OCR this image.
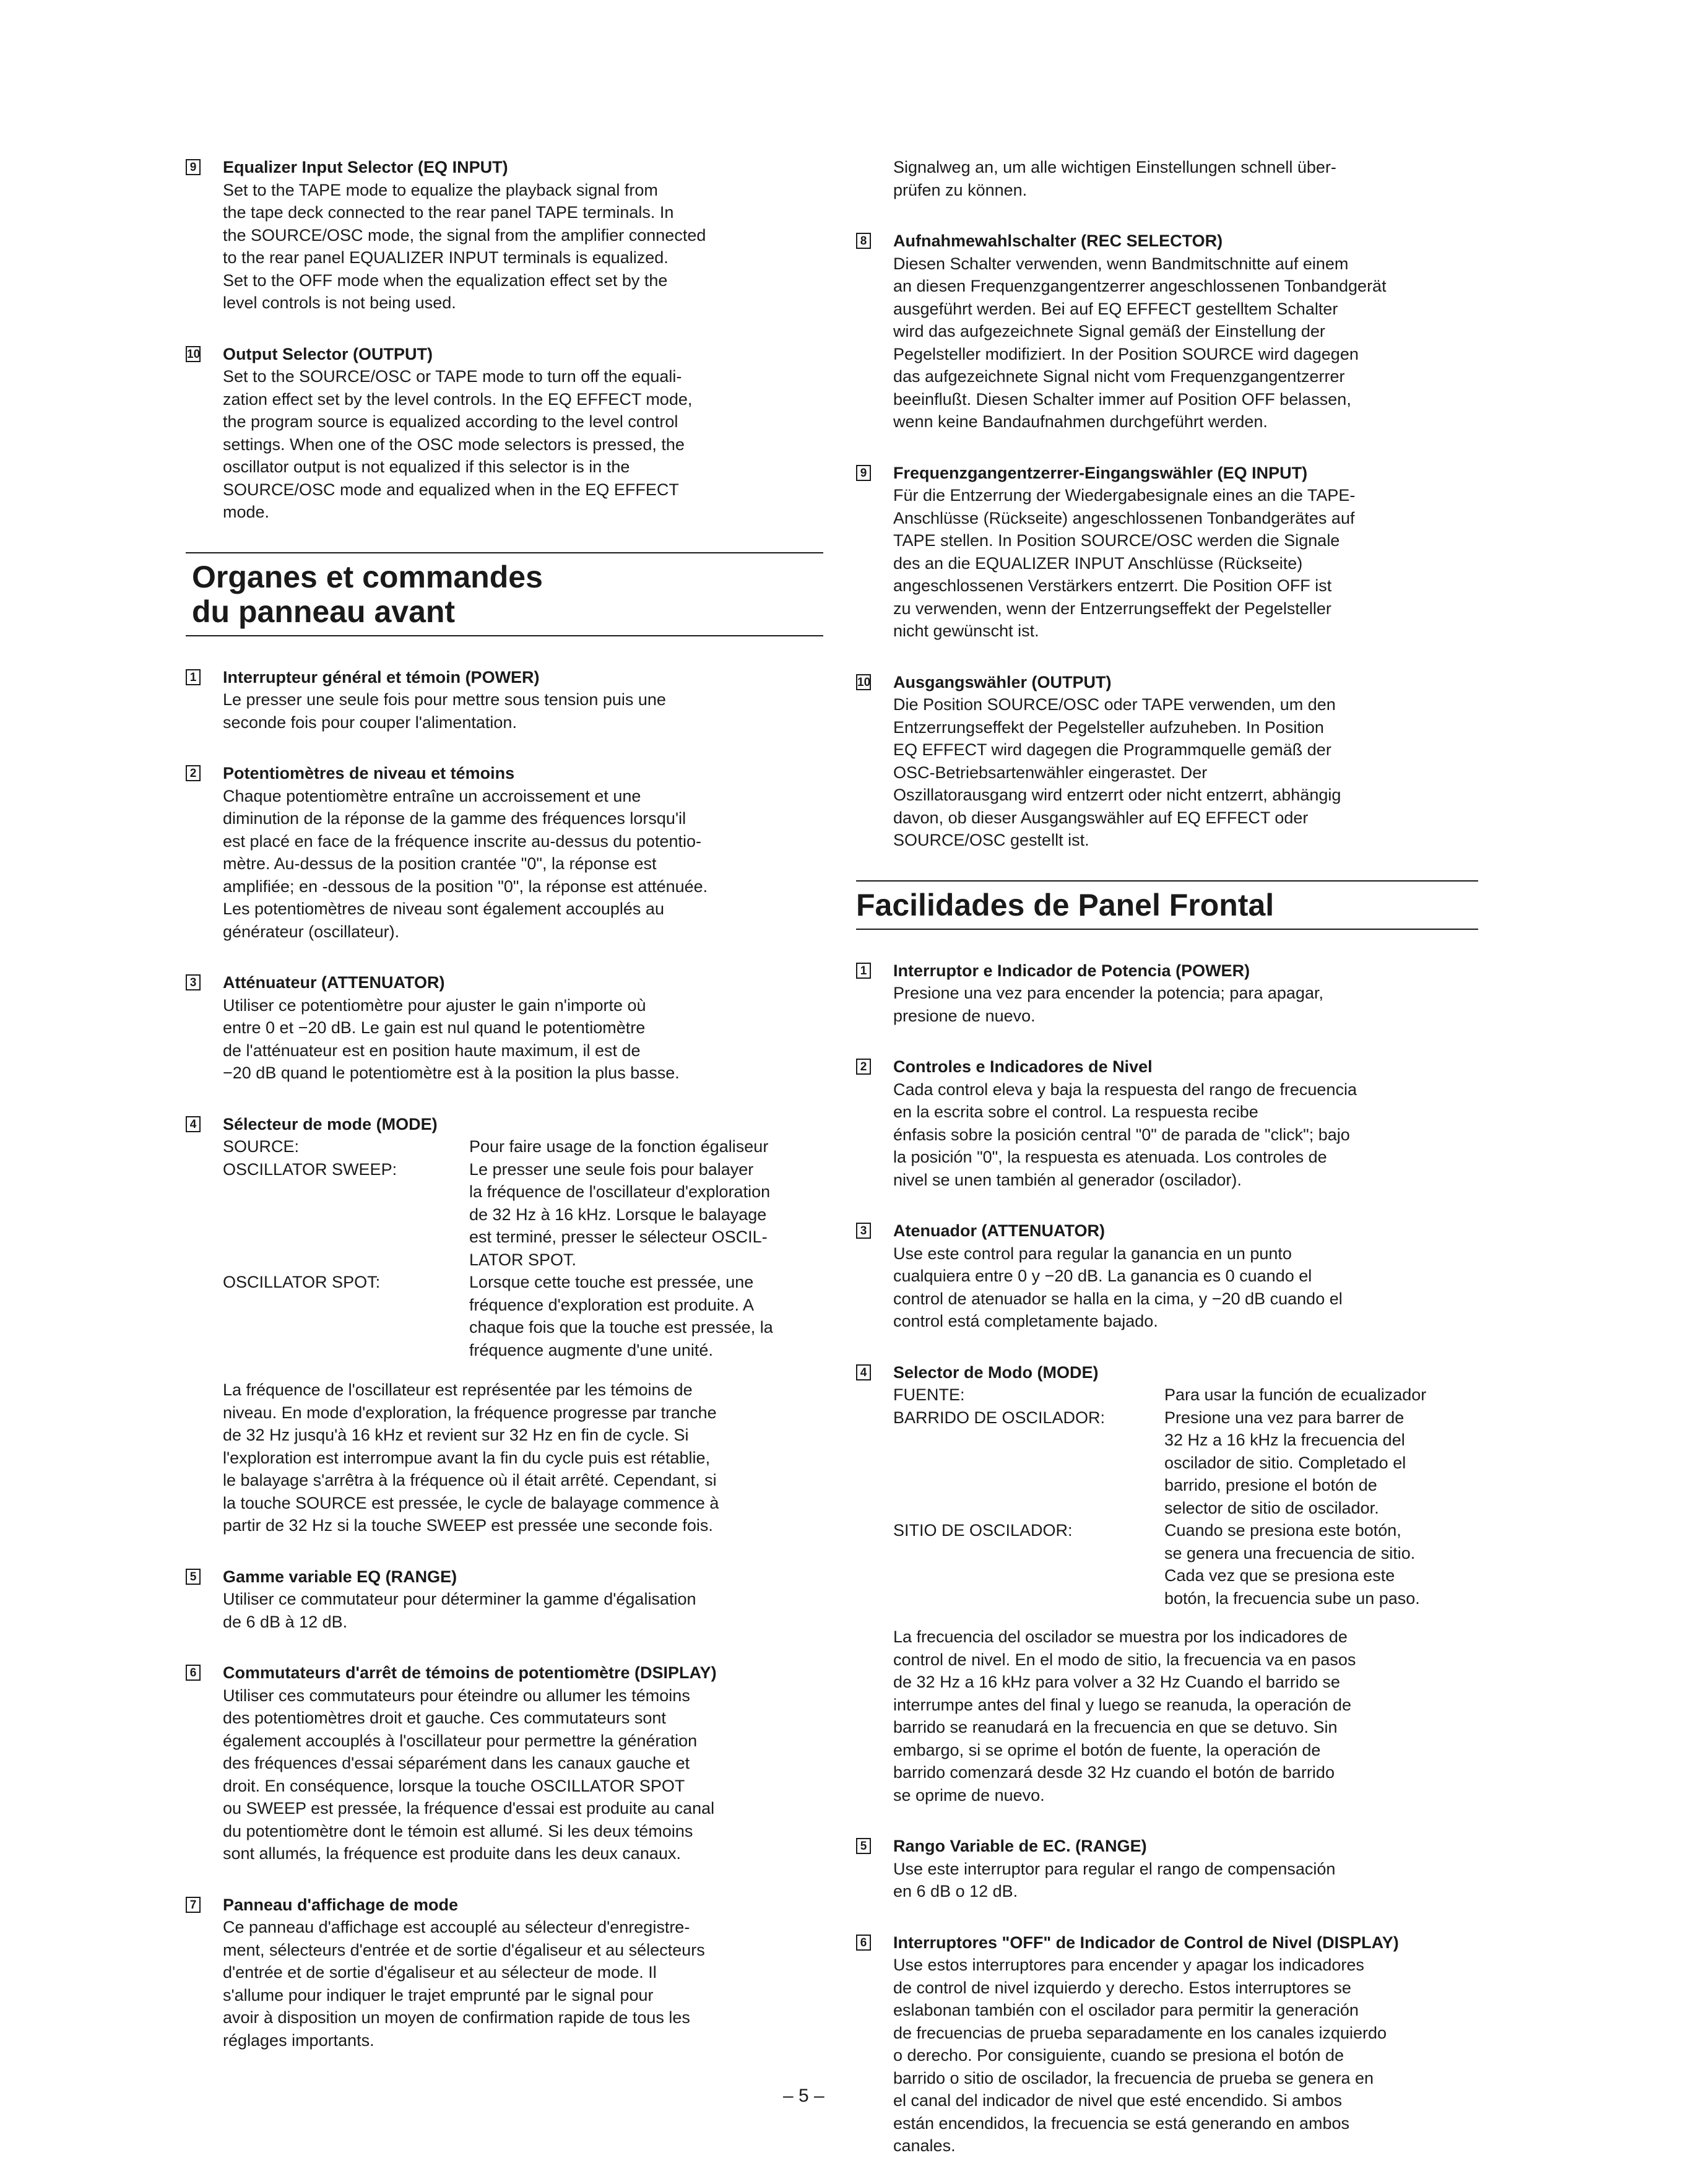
9 Equalizer Input Selector (EQ INPUT)
Set to the TAPE mode to equalize the playback signal from
the tape deck connected to the rear panel TAPE terminals. In
the SOURCE/OSC mode, the signal from the amplifier connected
to the rear panel EQUALIZER INPUT terminals is equalized.
Set to the OFF mode when the equalization effect set by the
level controls is not being used.
10 Output Selector (OUTPUT)
Set to the SOURCE/OSC or TAPE mode to turn off the equali-
zation effect set by the level controls. In the EQ EFFECT mode,
the program source is equalized according to the level control
settings. When one of the OSC mode selectors is pressed, the
oscillator output is not equalized if this selector is in the
SOURCE/OSC mode and equalized when in the EQ EFFECT
mode.
Organes et commandes
du panneau avant
1 Interrupteur général et témoin (POWER)
Le presser une seule fois pour mettre sous tension puis une
seconde fois pour couper l'alimentation.
2 Potentiomètres de niveau et témoins
Chaque potentiomètre entraîne un accroissement et une
diminution de la réponse de la gamme des fréquences lorsqu'il
est placé en face de la fréquence inscrite au-dessus du potentio-
mètre. Au-dessus de la position crantée "0", la réponse est
amplifiée; en -dessous de la position "0", la réponse est atténuée.
Les potentiomètres de niveau sont également accouplés au
générateur (oscillateur).
3 Atténuateur (ATTENUATOR)
Utiliser ce potentiomètre pour ajuster le gain n'importe où
entre 0 et −20 dB. Le gain est nul quand le potentiomètre
de l'atténuateur est en position haute maximum, il est de
−20 dB quand le potentiomètre est à la position la plus basse.
4 Sélecteur de mode (MODE)
SOURCE:	Pour faire usage de la fonction égaliseur
OSCILLATOR SWEEP:	Le presser une seule fois pour balayer
la fréquence de l'oscillateur d'exploration
de 32 Hz à 16 kHz. Lorsque le balayage
est terminé, presser le sélecteur OSCIL-
LATOR SPOT.
OSCILLATOR SPOT:	Lorsque cette touche est pressée, une
fréquence d'exploration est produite. A
chaque fois que la touche est pressée, la
fréquence augmente d'une unité.
La fréquence de l'oscillateur est représentée par les témoins de
niveau. En mode d'exploration, la fréquence progresse par tranche
de 32 Hz jusqu'à 16 kHz et revient sur 32 Hz en fin de cycle. Si
l'exploration est interrompue avant la fin du cycle puis est rétablie,
le balayage s'arrêtra à la fréquence où il était arrêté. Cependant, si
la touche SOURCE est pressée, le cycle de balayage commence à
partir de 32 Hz si la touche SWEEP est pressée une seconde fois.
5 Gamme variable EQ (RANGE)
Utiliser ce commutateur pour déterminer la gamme d'égalisation
de 6 dB à 12 dB.
6 Commutateurs d'arrêt de témoins de potentiomètre (DSIPLAY)
Utiliser ces commutateurs pour éteindre ou allumer les témoins
des potentiomètres droit et gauche. Ces commutateurs sont
également accouplés à l'oscillateur pour permettre la génération
des fréquences d'essai séparément dans les canaux gauche et
droit. En conséquence, lorsque la touche OSCILLATOR SPOT
ou SWEEP est pressée, la fréquence d'essai est produite au canal
du potentiomètre dont le témoin est allumé. Si les deux témoins
sont allumés, la fréquence est produite dans les deux canaux.
7 Panneau d'affichage de mode
Ce panneau d'affichage est accouplé au sélecteur d'enregistre-
ment, sélecteurs d'entrée et de sortie d'égaliseur et au sélecteurs
d'entrée et de sortie d'égaliseur et au sélecteur de mode. Il
s'allume pour indiquer le trajet emprunté par le signal pour
avoir à disposition un moyen de confirmation rapide de tous les
réglages importants.
Signalweg an, um alle wichtigen Einstellungen schnell über-
prüfen zu können.
8 Aufnahmewahlschalter (REC SELECTOR)
Diesen Schalter verwenden, wenn Bandmitschnitte auf einem
an diesen Frequenzgangentzerrer angeschlossenen Tonbandgerät
ausgeführt werden. Bei auf EQ EFFECT gestelltem Schalter
wird das aufgezeichnete Signal gemäß der Einstellung der
Pegelsteller modifiziert. In der Position SOURCE wird dagegen
das aufgezeichnete Signal nicht vom Frequenzgangentzerrer
beeinflußt. Diesen Schalter immer auf Position OFF belassen,
wenn keine Bandaufnahmen durchgeführt werden.
9 Frequenzgangentzerrer-Eingangswähler (EQ INPUT)
Für die Entzerrung der Wiedergabesignale eines an die TAPE-
Anschlüsse (Rückseite) angeschlossenen Tonbandgerätes auf
TAPE stellen. In Position SOURCE/OSC werden die Signale
des an die EQUALIZER INPUT Anschlüsse (Rückseite)
angeschlossenen Verstärkers entzerrt. Die Position OFF ist
zu verwenden, wenn der Entzerrungseffekt der Pegelsteller
nicht gewünscht ist.
10 Ausgangswähler (OUTPUT)
Die Position SOURCE/OSC oder TAPE verwenden, um den
Entzerrungseffekt der Pegelsteller aufzuheben. In Position
EQ EFFECT wird dagegen die Programmquelle gemäß der
OSC-Betriebsartenwähler eingerastet. Der
Oszillatorausgang wird entzerrt oder nicht entzerrt, abhängig
davon, ob dieser Ausgangswähler auf EQ EFFECT oder
SOURCE/OSC gestellt ist.
Facilidades de Panel Frontal
1 Interruptor e Indicador de Potencia (POWER)
Presione una vez para encender la potencia; para apagar,
presione de nuevo.
2 Controles e Indicadores de Nivel
Cada control eleva y baja la respuesta del rango de frecuencia
en la escrita sobre el control. La respuesta recibe
énfasis sobre la posición central "0" de parada de "click"; bajo
la posición "0", la respuesta es atenuada. Los controles de
nivel se unen también al generador (oscilador).
3 Atenuador (ATTENUATOR)
Use este control para regular la ganancia en un punto
cualquiera entre 0 y −20 dB. La ganancia es 0 cuando el
control de atenuador se halla en la cima, y −20 dB cuando el
control está completamente bajado.
4 Selector de Modo (MODE)
FUENTE:	Para usar la función de ecualizador
BARRIDO DE OSCILADOR:	Presione una vez para barrer de
32 Hz a 16 kHz la frecuencia del
oscilador de sitio. Completado el
barrido, presione el botón de
selector de sitio de oscilador.
SITIO DE OSCILADOR:	Cuando se presiona este botón,
se genera una frecuencia de sitio.
Cada vez que se presiona este
botón, la frecuencia sube un paso.
La frecuencia del oscilador se muestra por los indicadores de
control de nivel. En el modo de sitio, la frecuencia va en pasos
de 32 Hz a 16 kHz para volver a 32 Hz Cuando el barrido se
interrumpe antes del final y luego se reanuda, la operación de
barrido se reanudará en la frecuencia en que se detuvo. Sin
embargo, si se oprime el botón de fuente, la operación de
barrido comenzará desde 32 Hz cuando el botón de barrido
se oprime de nuevo.
5 Rango Variable de EC. (RANGE)
Use este interruptor para regular el rango de compensación
en 6 dB o 12 dB.
6 Interruptores "OFF" de Indicador de Control de Nivel (DISPLAY)
Use estos interruptores para encender y apagar los indicadores
de control de nivel izquierdo y derecho. Estos interruptores se
eslabonan también con el oscilador para permitir la generación
de frecuencias de prueba separadamente en los canales izquierdo
o derecho. Por consiguiente, cuando se presiona el botón de
barrido o sitio de oscilador, la frecuencia de prueba se genera en
el canal del indicador de nivel que esté encendido. Si ambos
están encendidos, la frecuencia se está generando en ambos
canales.
– 5 –
